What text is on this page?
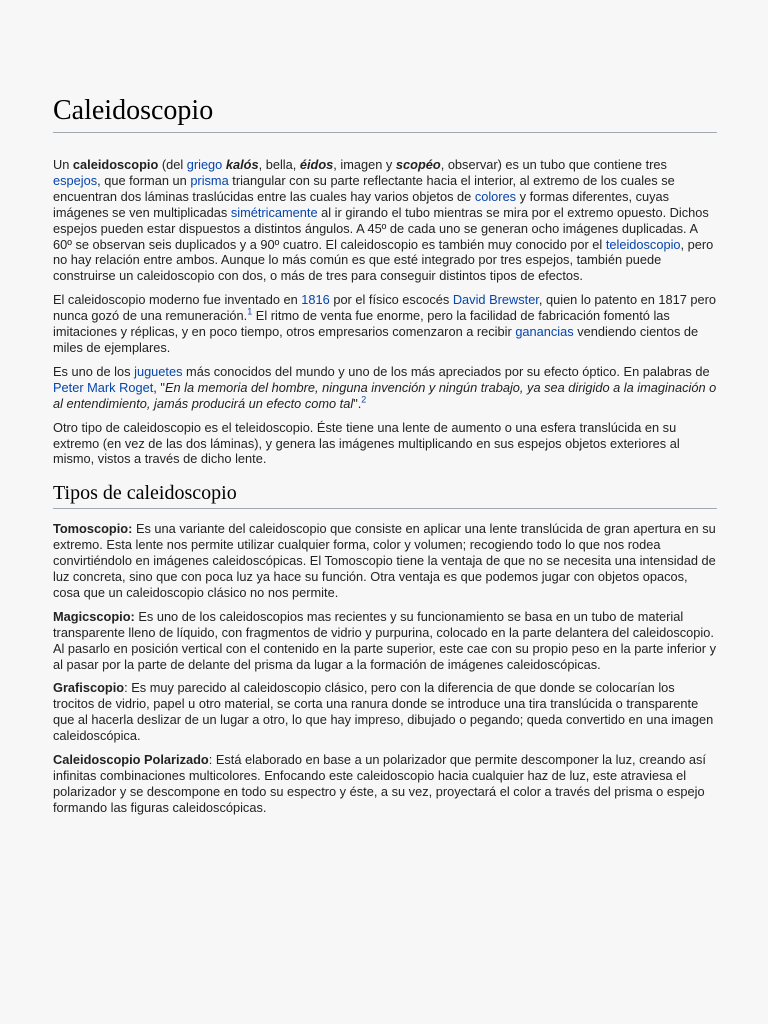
Caleidoscopio

Un caleidoscopio (del griego kalós, bella, éidos, imagen y scopéo, observar) es un tubo que contiene tres espejos, que forman un prisma triangular con su parte reflectante hacia el interior, al extremo de los cuales se encuentran dos láminas traslúcidas entre las cuales hay varios objetos de colores y formas diferentes, cuyas imágenes se ven multiplicadas simétricamente al ir girando el tubo mientras se mira por el extremo opuesto. Dichos espejos pueden estar dispuestos a distintos ángulos. A 45º de cada uno se generan ocho imágenes duplicadas. A 60º se observan seis duplicados y a 90º cuatro. El caleidoscopio es también muy conocido por el teleidoscopio, pero no hay relación entre ambos. Aunque lo más común es que esté integrado por tres espejos, también puede construirse un caleidoscopio con dos, o más de tres para conseguir distintos tipos de efectos.

El caleidoscopio moderno fue inventado en 1816 por el físico escocés David Brewster, quien lo patento en 1817 pero nunca gozó de una remuneración.$^1$ El ritmo de venta fue enorme, pero la facilidad de fabricación fomentó las imitaciones y réplicas, y en poco tiempo, otros empresarios comenzaron a recibir ganancias vendiendo cientos de miles de ejemplares.

Es uno de los juguetes más conocidos del mundo y uno de los más apreciados por su efecto óptico. En palabras de Peter Mark Roget, "En la memoria del hombre, ninguna invención y ningún trabajo, ya sea dirigido a la imaginación o al entendimiento, jamás producirá un efecto como tal".$^2$

Otro tipo de caleidoscopio es el teleidoscopio. Éste tiene una lente de aumento o una esfera translúcida en su extremo (en vez de las dos láminas), y genera las imágenes multiplicando en sus espejos objetos exteriores al mismo, vistos a través de dicho lente.

Tipos de caleidoscopio

Tomoscopio: Es una variante del caleidoscopio que consiste en aplicar una lente translúcida de gran apertura en su extremo. Esta lente nos permite utilizar cualquier forma, color y volumen; recogiendo todo lo que nos rodea convirtiéndolo en imágenes caleidoscópicas. El Tomoscopio tiene la ventaja de que no se necesita una intensidad de luz concreta, sino que con poca luz ya hace su función. Otra ventaja es que podemos jugar con objetos opacos, cosa que un caleidoscopio clásico no nos permite.

Magicscopio: Es uno de los caleidoscopios mas recientes y su funcionamiento se basa en un tubo de material transparente lleno de líquido, con fragmentos de vidrio y purpurina, colocado en la parte delantera del caleidoscopio. Al pasarlo en posición vertical con el contenido en la parte superior, este cae con su propio peso en la parte inferior y al pasar por la parte de delante del prisma da lugar a la formación de imágenes caleidoscópicas.

Grafiscopio: Es muy parecido al caleidoscopio clásico, pero con la diferencia de que donde se colocarían los trocitos de vidrio, papel u otro material, se corta una ranura donde se introduce una tira translúcida o transparente que al hacerla deslizar de un lugar a otro, lo que hay impreso, dibujado o pegando; queda convertido en una imagen caleidoscópica.

Caleidoscopio Polarizado: Está elaborado en base a un polarizador que permite descomponer la luz, creando así infinitas combinaciones multicolores. Enfocando este caleidoscopio hacia cualquier haz de luz, este atraviesa el polarizador y se descompone en todo su espectro y éste, a su vez, proyectará el color a través del prisma o espejo formando las figuras caleidoscópicas.
